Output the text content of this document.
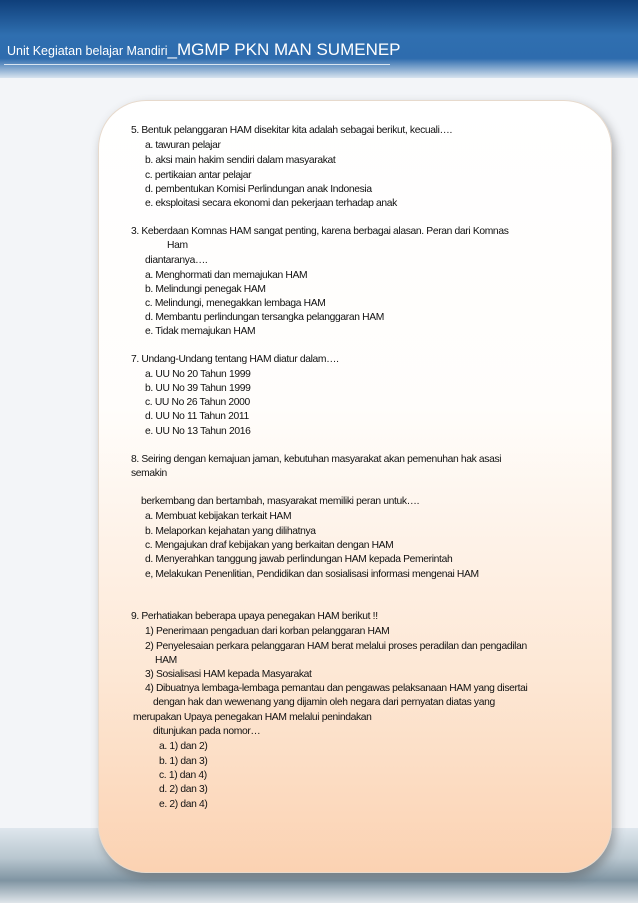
Unit Kegiatan belajar Mandiri_MGMP PKN MAN SUMENEP
5. Bentuk pelanggaran HAM disekitar kita adalah sebagai berikut, kecuali….
a. tawuran pelajar
b. aksi main hakim sendiri dalam masyarakat
c. pertikaian antar pelajar
d. pembentukan Komisi Perlindungan anak Indonesia
e. eksploitasi secara ekonomi dan pekerjaan terhadap anak
3. Keberdaan Komnas HAM sangat penting, karena berbagai alasan. Peran dari Komnas
Ham
diantaranya….
a. Menghormati dan memajukan HAM
b. Melindungi penegak HAM
c. Melindungi, menegakkan lembaga HAM
d. Membantu perlindungan tersangka pelanggaran HAM
e. Tidak memajukan HAM
7. Undang-Undang tentang HAM diatur dalam….
a. UU No 20 Tahun 1999
b. UU No 39 Tahun 1999
c. UU No 26 Tahun 2000
d. UU No 11 Tahun 2011
e. UU No 13 Tahun 2016
8. Seiring dengan kemajuan jaman, kebutuhan masyarakat akan pemenuhan hak asasi
semakin
berkembang dan bertambah, masyarakat memiliki peran untuk….
a. Membuat kebijakan terkait HAM
b. Melaporkan kejahatan yang dilihatnya
c. Mengajukan draf kebijakan yang berkaitan dengan HAM
d. Menyerahkan tanggung jawab perlindungan HAM kepada Pemerintah
e, Melakukan Penenlitian, Pendidikan dan sosialisasi informasi mengenai HAM
9. Perhatiakan beberapa upaya penegakan HAM berikut !!
1) Penerimaan pengaduan dari korban pelanggaran HAM
2) Penyelesaian perkara pelanggaran HAM berat melalui proses peradilan dan pengadilan
HAM
3) Sosialisasi HAM kepada Masyarakat
4) Dibuatnya lembaga-lembaga pemantau dan pengawas pelaksanaan HAM yang disertai
dengan hak dan wewenang yang dijamin oleh negara dari pernyatan diatas yang
merupakan Upaya penegakan HAM melalui penindakan
ditunjukan pada nomor…
a. 1) dan 2)
b. 1) dan 3)
c. 1) dan 4)
d. 2) dan 3)
e. 2) dan 4)
